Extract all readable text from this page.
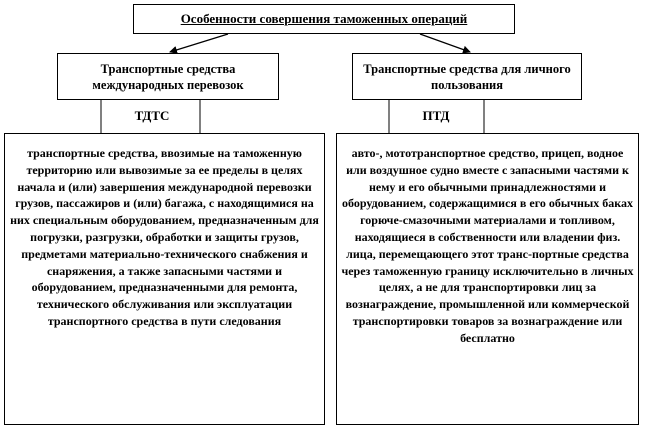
Особенности совершения таможенных операций
Транспортные средства международных перевозок
Транспортные средства для личного пользования
ТДТС	ПТД
транспортные средства, ввозимые на таможенную территорию или вывозимые за ее пределы в целях начала и (или) завершения международной перевозки грузов, пассажиров и (или) багажа, с находящимися на них специальным оборудованием, предназначенным для погрузки, разгрузки, обработки и защиты грузов, предметами материально-технического снабжения и снаряжения, а также запасными частями и оборудованием, предназначенными для ремонта, технического обслуживания или эксплуатации транспортного средства в пути следования
авто-, мототранспортное средство, прицеп, водное или воздушное судно вместе с запасными частями к нему и его обычными принадлежностями и оборудованием, содержащимися в его обычных баках горюче-смазочными материалами и топливом, находящиеся в собственности или владении физ. лица, перемещающего этот транс-портные средства через таможенную границу исключительно в личных целях, а не для транспортировки лиц за вознаграждение, промышленной или коммерческой транспортировки товаров за вознаграждение или бесплатно
